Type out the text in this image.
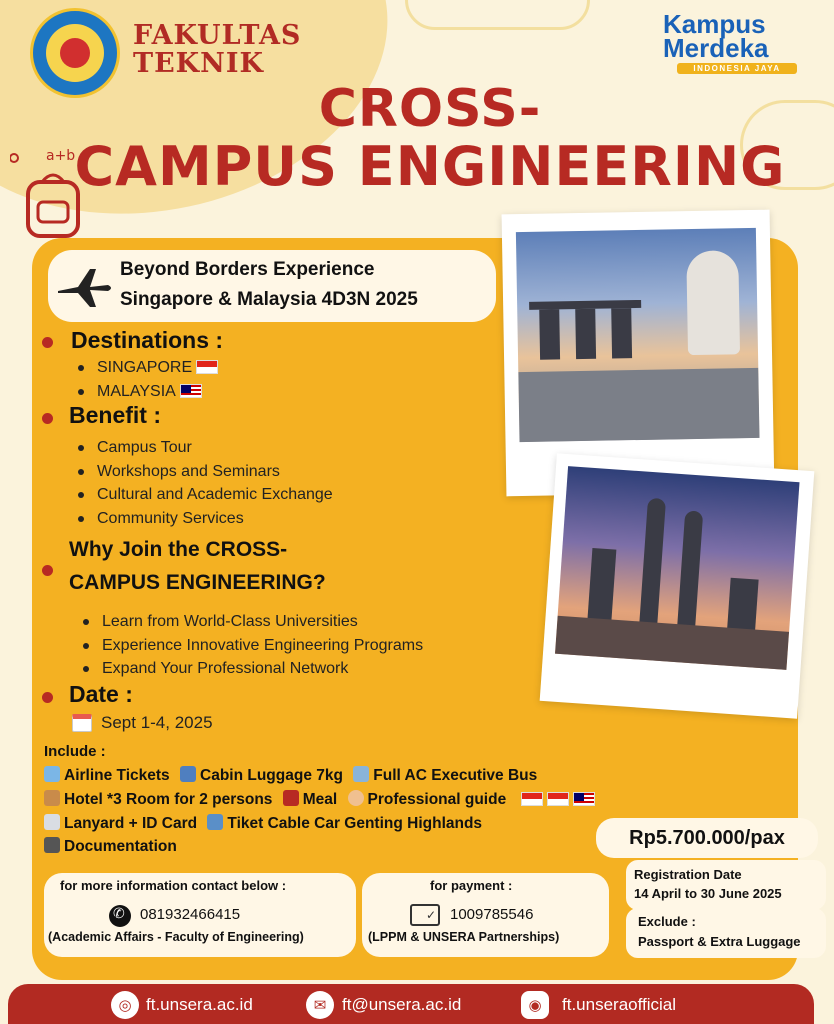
a+b
FAKULTAS
TEKNIK
Kampus
Merdeka
INDONESIA JAYA
CROSS-
CAMPUS ENGINEERING
Beyond Borders Experience
Singapore & Malaysia 4D3N 2025
Destinations :
SINGAPORE
MALAYSIA
Benefit :
Campus Tour
Workshops and Seminars
Cultural and Academic Exchange
Community Services
Why Join the CROSS-
CAMPUS ENGINEERING?
Learn from World-Class Universities
Experience Innovative Engineering Programs
Expand Your Professional Network
Date :
Sept 1-4, 2025
Include :
Airline Tickets Cabin Luggage 7kg Full AC Executive Bus
Hotel *3 Room for 2 persons Meal Professional guide
Lanyard + ID Card Tiket Cable Car Genting Highlands
Documentation	Rp5.700.000/pax
Registration Date
14 April to 30 June 2025
Exclude :
Passport & Extra Luggage
for more information contact below :
✆
081932466415
(Academic Affairs - Faculty of Engineering)
for payment :
✓
1009785546
(LPPM & UNSERA Partnerships)
◎ ft.unsera.ac.id	✉ ft@unsera.ac.id	◉	ft.unseraofficial
